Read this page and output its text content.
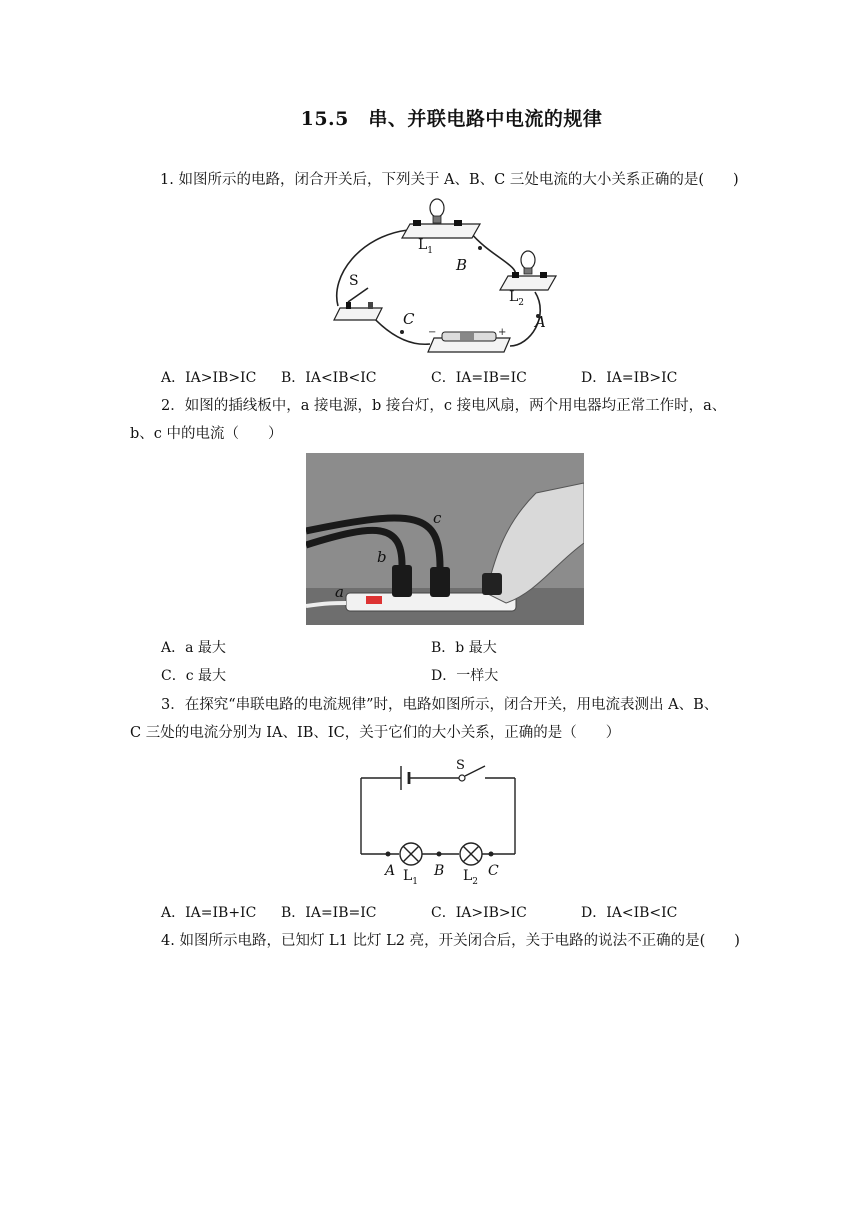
15.5　串、并联电路中电流的规律
1. 如图所示的电路，闭合开关后，下列关于 A、B、C 三处电流的大小关系正确的是(　　)
−	+
$L_1$
B
$L_2$
S
C	A
A．IA>IB>IC B．IA<IB<IC	C．IA=IB=IC	D．IA=IB>IC
2．如图的插线板中，a 接电源，b 接台灯，c 接电风扇，两个用电器均正常工作时，a、
b、c 中的电流（　　）
c
b
a
A．a 最大	B．b 最大
C．c 最大	D．一样大
3．在探究“串联电路的电流规律”时，电路如图所示，闭合开关，用电流表测出 A、B、
C 三处的电流分别为 IA、IB、IC，关于它们的大小关系，正确的是（　　）
S
A $L_1$
B $L_2$
C
A．IA=IB+IC B．IA=IB=IC	C．IA>IB>IC	D．IA<IB<IC
4. 如图所示电路，已知灯 L1 比灯 L2 亮，开关闭合后，关于电路的说法不正确的是(　　)
